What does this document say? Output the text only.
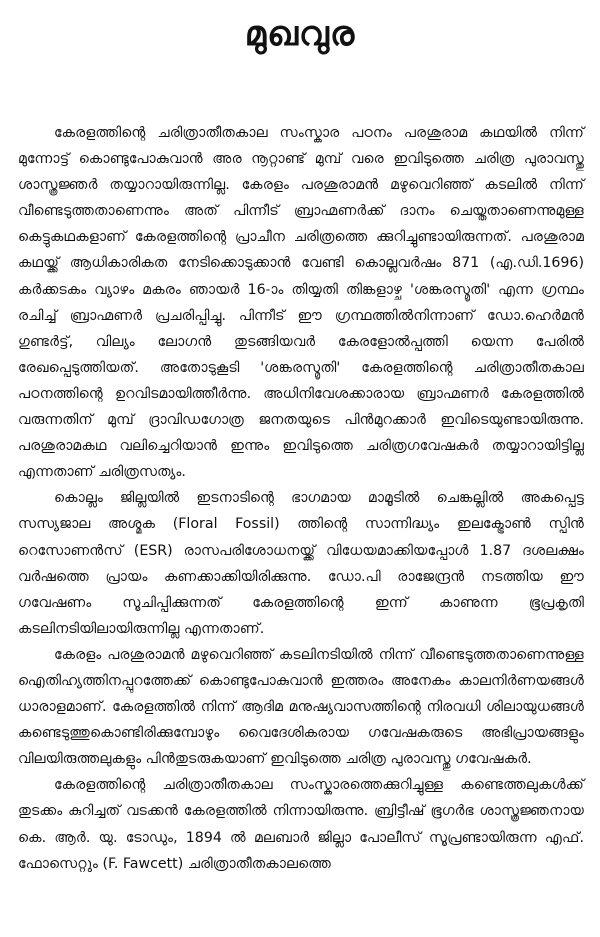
മുഖവുര

കേരളത്തിന്റെ ചരിത്രാതീതകാല സംസ്കാര പഠനം പരശുരാമ കഥയിൽ നിന്ന് മുന്നോട്ട് കൊണ്ടുപോകുവാൻ അര നൂറ്റാണ്ട് മുമ്പ് വരെ ഇവിടുത്തെ ചരിത്ര പുരാവസ്തു ശാസ്ത്രജ്ഞർ തയ്യാറായിരുന്നില്ല. കേരളം പരശുരാമൻ മഴുവെറിഞ്ഞ് കടലിൽ നിന്ന് വീണ്ടെടുത്തതാണെന്നും അത് പിന്നീട് ബ്രാഹ്മണർക്ക് ദാനം ചെയ്തതാണെന്നുമുള്ള കെട്ടുകഥകളാണ് കേരളത്തിന്റെ പ്രാചീന ചരിത്രത്തെ ക്കുറിച്ചുണ്ടായിരുന്നത്. പരശുരാമ കഥയ്ക്ക് ആധികാരികത നേടിക്കൊടുക്കാൻ വേണ്ടി കൊല്ലവർഷം 871 (എ.ഡി.1696) കർക്കടകം വ്യാഴം മകരം ഞായർ 16-ാം തിയ്യതി തിങ്കളാഴ്ച 'ശങ്കരസ്മൃതി' എന്ന ഗ്രന്ഥം രചിച്ച് ബ്രാഹ്മണർ പ്രചരിപ്പിച്ചു. പിന്നീട് ഈ ഗ്രന്ഥത്തിൽനിന്നാണ് ഡോ.ഹെർമൻ ഗുണ്ടർട്ട്, വില്യം ലോഗൻ തുടങ്ങിയവർ കേരളോൽപ്പത്തി യെന്ന പേരിൽ രേഖപ്പെടുത്തിയത്. അതോടുകൂടി 'ശങ്കരസ്മൃതി' കേരളത്തിന്റെ ചരിത്രാതീതകാല പഠനത്തിന്റെ ഉറവിടമായിത്തീർന്നു. അധിനിവേശക്കാരായ ബ്രാഹ്മണർ കേരളത്തിൽ വരുന്നതിന് മുമ്പ് ദ്രാവിഡഗോത്ര ജനതയുടെ പിൻമുറക്കാർ ഇവിടെയുണ്ടായിരുന്നു. പരശുരാമകഥ വലിച്ചെറിയാൻ ഇന്നും ഇവിടുത്തെ ചരിത്രഗവേഷകർ തയ്യാറായിട്ടില്ല എന്നതാണ് ചരിത്രസത്യം.

കൊല്ലം ജില്ലയിൽ ഇടനാടിന്റെ ഭാഗമായ മാമൂടിൽ ചെങ്കല്ലിൽ അകപ്പെട്ട സസ്യജാല അശ്മക (Floral Fossil) ത്തിന്റെ സാന്നിദ്ധ്യം ഇലക്ട്രോൺ സ്പിൻ റെസോണൻസ് (ESR) രാസപരിശോധനയ്ക്ക് വിധേയമാക്കിയപ്പോൾ 1.87 ദശലക്ഷം വർഷത്തെ പ്രായം കണക്കാക്കിയിരിക്കുന്നു. ഡോ.പി രാജേന്ദ്രൻ നടത്തിയ ഈ ഗവേഷണം സൂചിപ്പിക്കുന്നത് കേരളത്തിന്റെ ഇന്ന് കാണുന്ന ഭൂപ്രകൃതി കടലിനടിയിലായിരുന്നില്ല എന്നതാണ്.

കേരളം പരശുരാമൻ മഴുവെറിഞ്ഞ് കടലിനടിയിൽ നിന്ന് വീണ്ടെടുത്തതാണെന്നുള്ള ഐതിഹ്യത്തിനപ്പുറത്തേക്ക് കൊണ്ടുപോകുവാൻ ഇത്തരം അനേകം കാലനിർണയങ്ങൾ ധാരാളമാണ്. കേരളത്തിൽ നിന്ന് ആദിമ മനുഷ്യവാസത്തിന്റെ നിരവധി ശിലായുധങ്ങൾ കണ്ടെടുത്തുകൊണ്ടിരിക്കുമ്പോഴും വൈദേശികരായ ഗവേഷകരുടെ അഭിപ്രായങ്ങളും വിലയിരുത്തലുകളും പിൻതുടരുകയാണ് ഇവിടുത്തെ ചരിത്ര പുരാവസ്തു ഗവേഷകർ.

കേരളത്തിന്റെ ചരിത്രാതീതകാല സംസ്കാരത്തെക്കുറിച്ചുള്ള കണ്ടെത്തലുകൾക്ക് തുടക്കം കുറിച്ചത് വടക്കൻ കേരളത്തിൽ നിന്നായിരുന്നു. ബ്രിട്ടീഷ് ഭൂഗർഭ ശാസ്ത്രജ്ഞനായ കെ. ആർ. യു. ടോഡും, 1894 ൽ മലബാർ ജില്ലാ പോലീസ് സൂപ്രണ്ടായിരുന്ന എഫ്. ഫോസെറ്റും (F. Fawcett) ചരിത്രാതീതകാലത്തെ
